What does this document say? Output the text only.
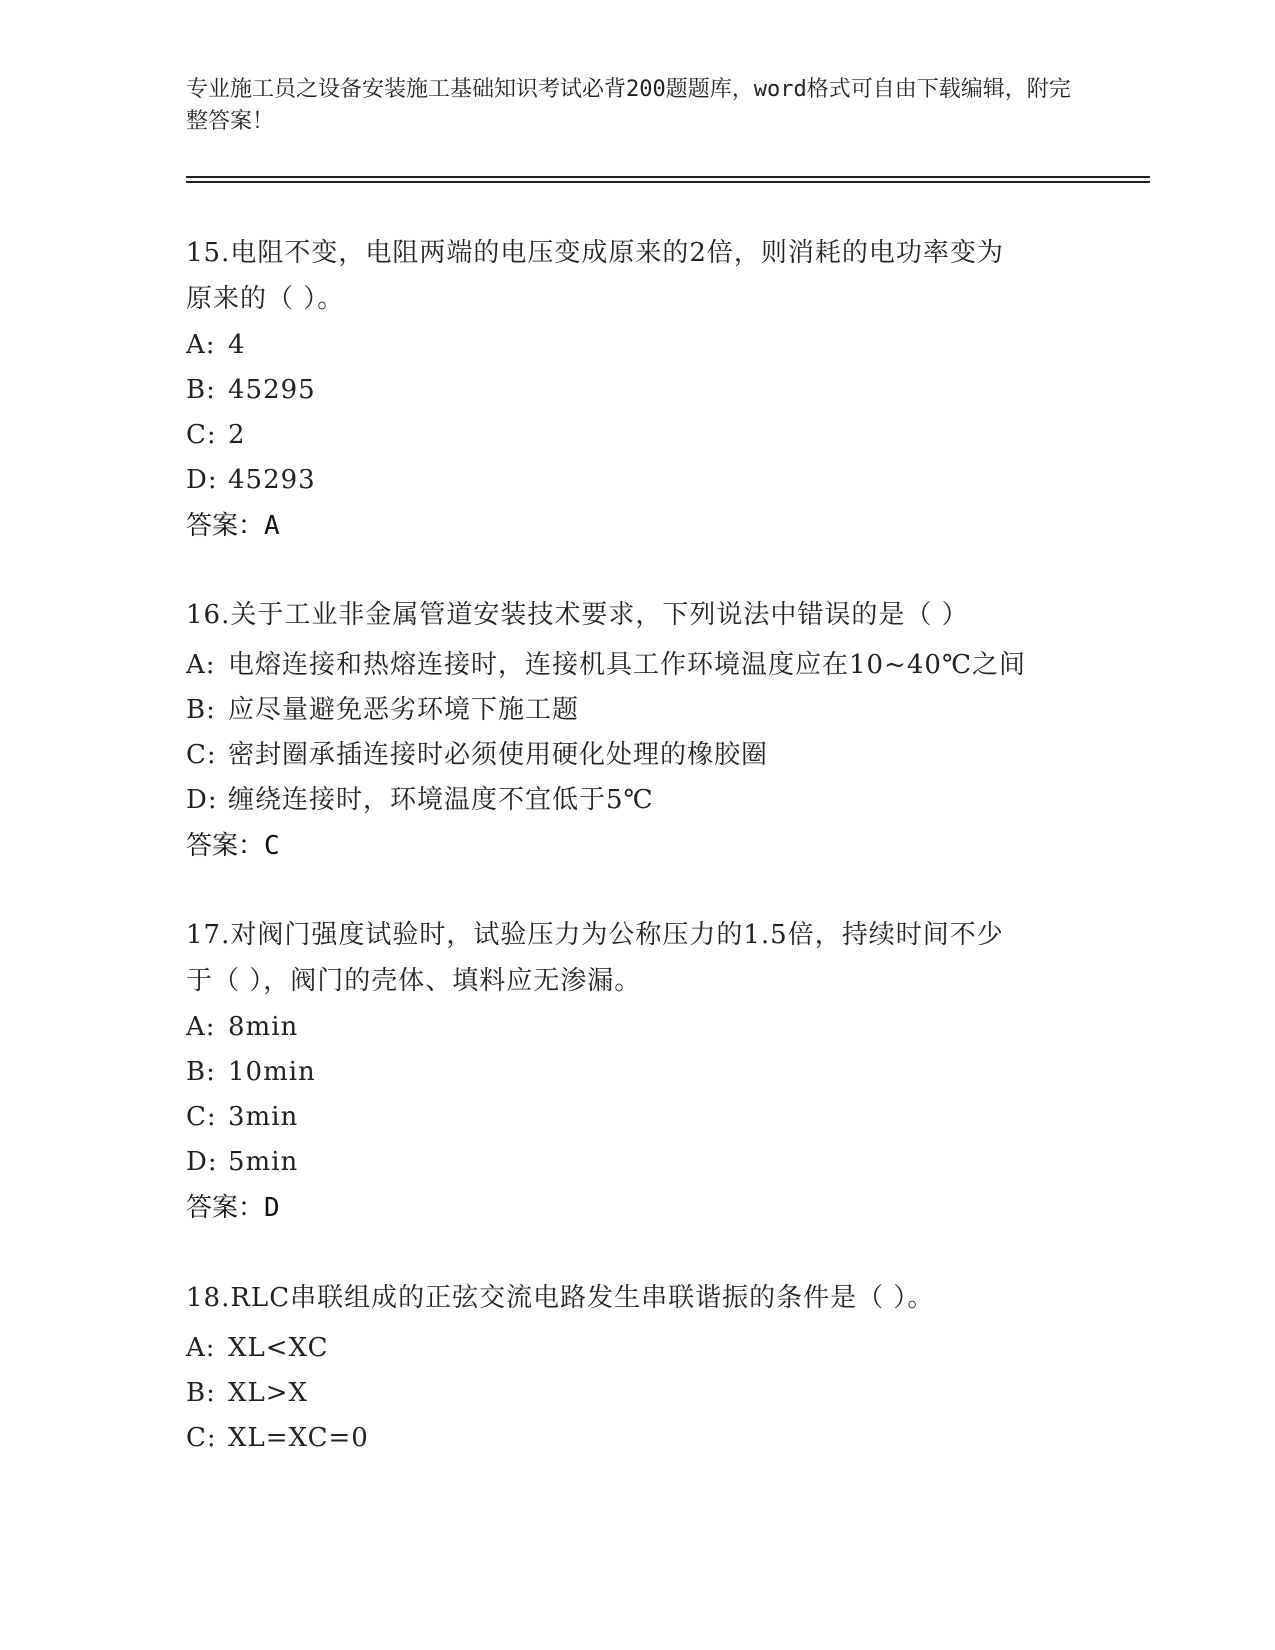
专业施工员之设备安装施工基础知识考试必背200题题库，word格式可自由下载编辑，附完整答案！
15.电阻不变，电阻两端的电压变成原来的2倍，则消耗的电功率变为
原来的（ ）。
A: 4
B: 45295
C: 2
D: 45293
答案：A
16.关于工业非金属管道安装技术要求，下列说法中错误的是（ ）
A: 电熔连接和热熔连接时，连接机具工作环境温度应在10~40℃之间
B: 应尽量避免恶劣环境下施工题
C: 密封圈承插连接时必须使用硬化处理的橡胶圈
D: 缠绕连接时，环境温度不宜低于5℃
答案：C
17.对阀门强度试验时，试验压力为公称压力的1.5倍，持续时间不少
于（ ），阀门的壳体、填料应无渗漏。
A: 8min
B: 10min
C: 3min
D: 5min
答案：D
18.RLC串联组成的正弦交流电路发生串联谐振的条件是（ ）。
A: XL<XC
B: XL>X
C: XL=XC=0
